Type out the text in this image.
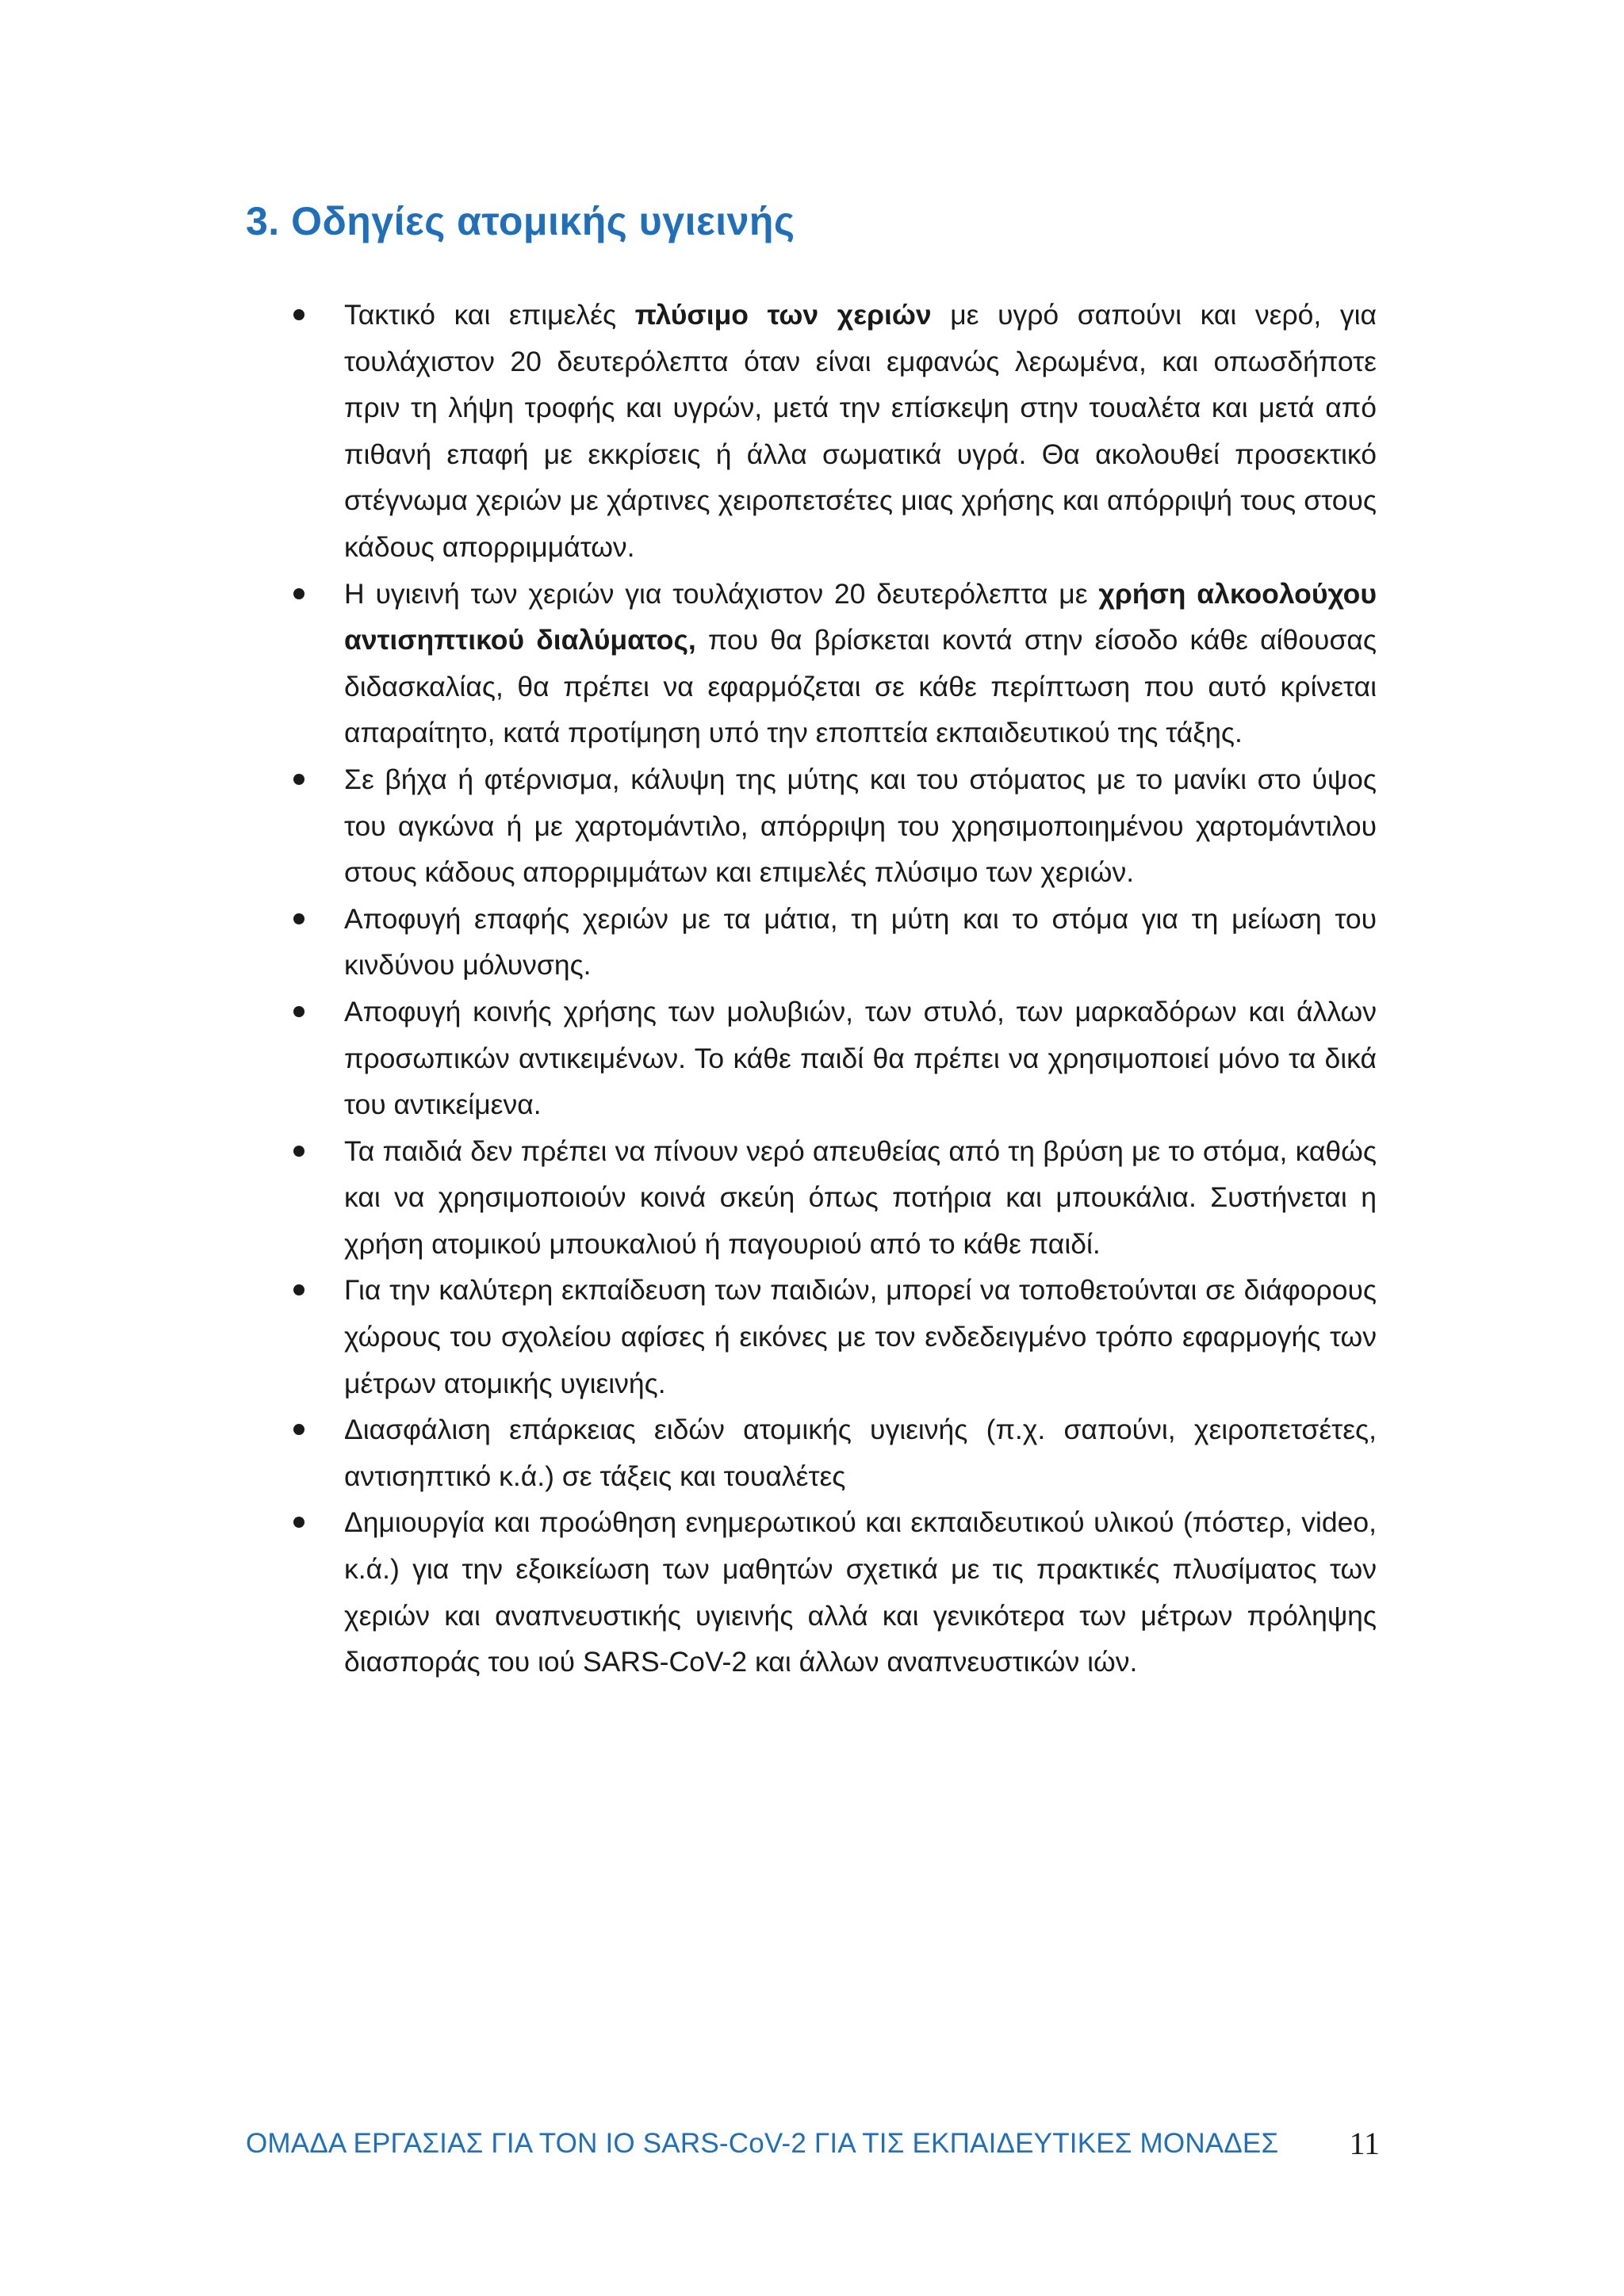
3. Οδηγίες ατομικής υγιεινής
Τακτικό και επιμελές πλύσιμο των χεριών με υγρό σαπούνι και νερό, για τουλάχιστον 20 δευτερόλεπτα όταν είναι εμφανώς λερωμένα, και οπωσδήποτε πριν τη λήψη τροφής και υγρών, μετά την επίσκεψη στην τουαλέτα και μετά από πιθανή επαφή με εκκρίσεις ή άλλα σωματικά υγρά. Θα ακολουθεί προσεκτικό στέγνωμα χεριών με χάρτινες χειροπετσέτες μιας χρήσης και απόρριψή τους στους κάδους απορριμμάτων.
Η υγιεινή των χεριών για τουλάχιστον 20 δευτερόλεπτα με χρήση αλκοολούχου αντισηπτικού διαλύματος, που θα βρίσκεται κοντά στην είσοδο κάθε αίθουσας διδασκαλίας, θα πρέπει να εφαρμόζεται σε κάθε περίπτωση που αυτό κρίνεται απαραίτητο, κατά προτίμηση υπό την εποπτεία εκπαιδευτικού της τάξης.
Σε βήχα ή φτέρνισμα, κάλυψη της μύτης και του στόματος με το μανίκι στο ύψος του αγκώνα ή με χαρτομάντιλο, απόρριψη του χρησιμοποιημένου χαρτομάντιλου στους κάδους απορριμμάτων και επιμελές πλύσιμο των χεριών.
Αποφυγή επαφής χεριών με τα μάτια, τη μύτη και το στόμα για τη μείωση του κινδύνου μόλυνσης.
Αποφυγή κοινής χρήσης των μολυβιών, των στυλό, των μαρκαδόρων και άλλων προσωπικών αντικειμένων. Το κάθε παιδί θα πρέπει να χρησιμοποιεί μόνο τα δικά του αντικείμενα.
Τα παιδιά δεν πρέπει να πίνουν νερό απευθείας από τη βρύση με το στόμα, καθώς και να χρησιμοποιούν κοινά σκεύη όπως ποτήρια και μπουκάλια. Συστήνεται η χρήση ατομικού μπουκαλιού ή παγουριού από το κάθε παιδί.
Για την καλύτερη εκπαίδευση των παιδιών, μπορεί να τοποθετούνται σε διάφορους χώρους του σχολείου αφίσες ή εικόνες με τον ενδεδειγμένο τρόπο εφαρμογής των μέτρων ατομικής υγιεινής.
Διασφάλιση επάρκειας ειδών ατομικής υγιεινής (π.χ. σαπούνι, χειροπετσέτες, αντισηπτικό κ.ά.) σε τάξεις και τουαλέτες
Δημιουργία και προώθηση ενημερωτικού και εκπαιδευτικού υλικού (πόστερ, video, κ.ά.) για την εξοικείωση των μαθητών σχετικά με τις πρακτικές πλυσίματος των χεριών και αναπνευστικής υγιεινής αλλά και γενικότερα των μέτρων πρόληψης διασποράς του ιού SARS-CoV-2 και άλλων αναπνευστικών ιών.
ΟΜΑΔΑ ΕΡΓΑΣΙΑΣ ΓΙΑ ΤΟΝ ΙΟ SARS-CoV-2 ΓΙΑ ΤΙΣ ΕΚΠΑΙΔΕΥΤΙΚΕΣ ΜΟΝΑΔΕΣ 11
